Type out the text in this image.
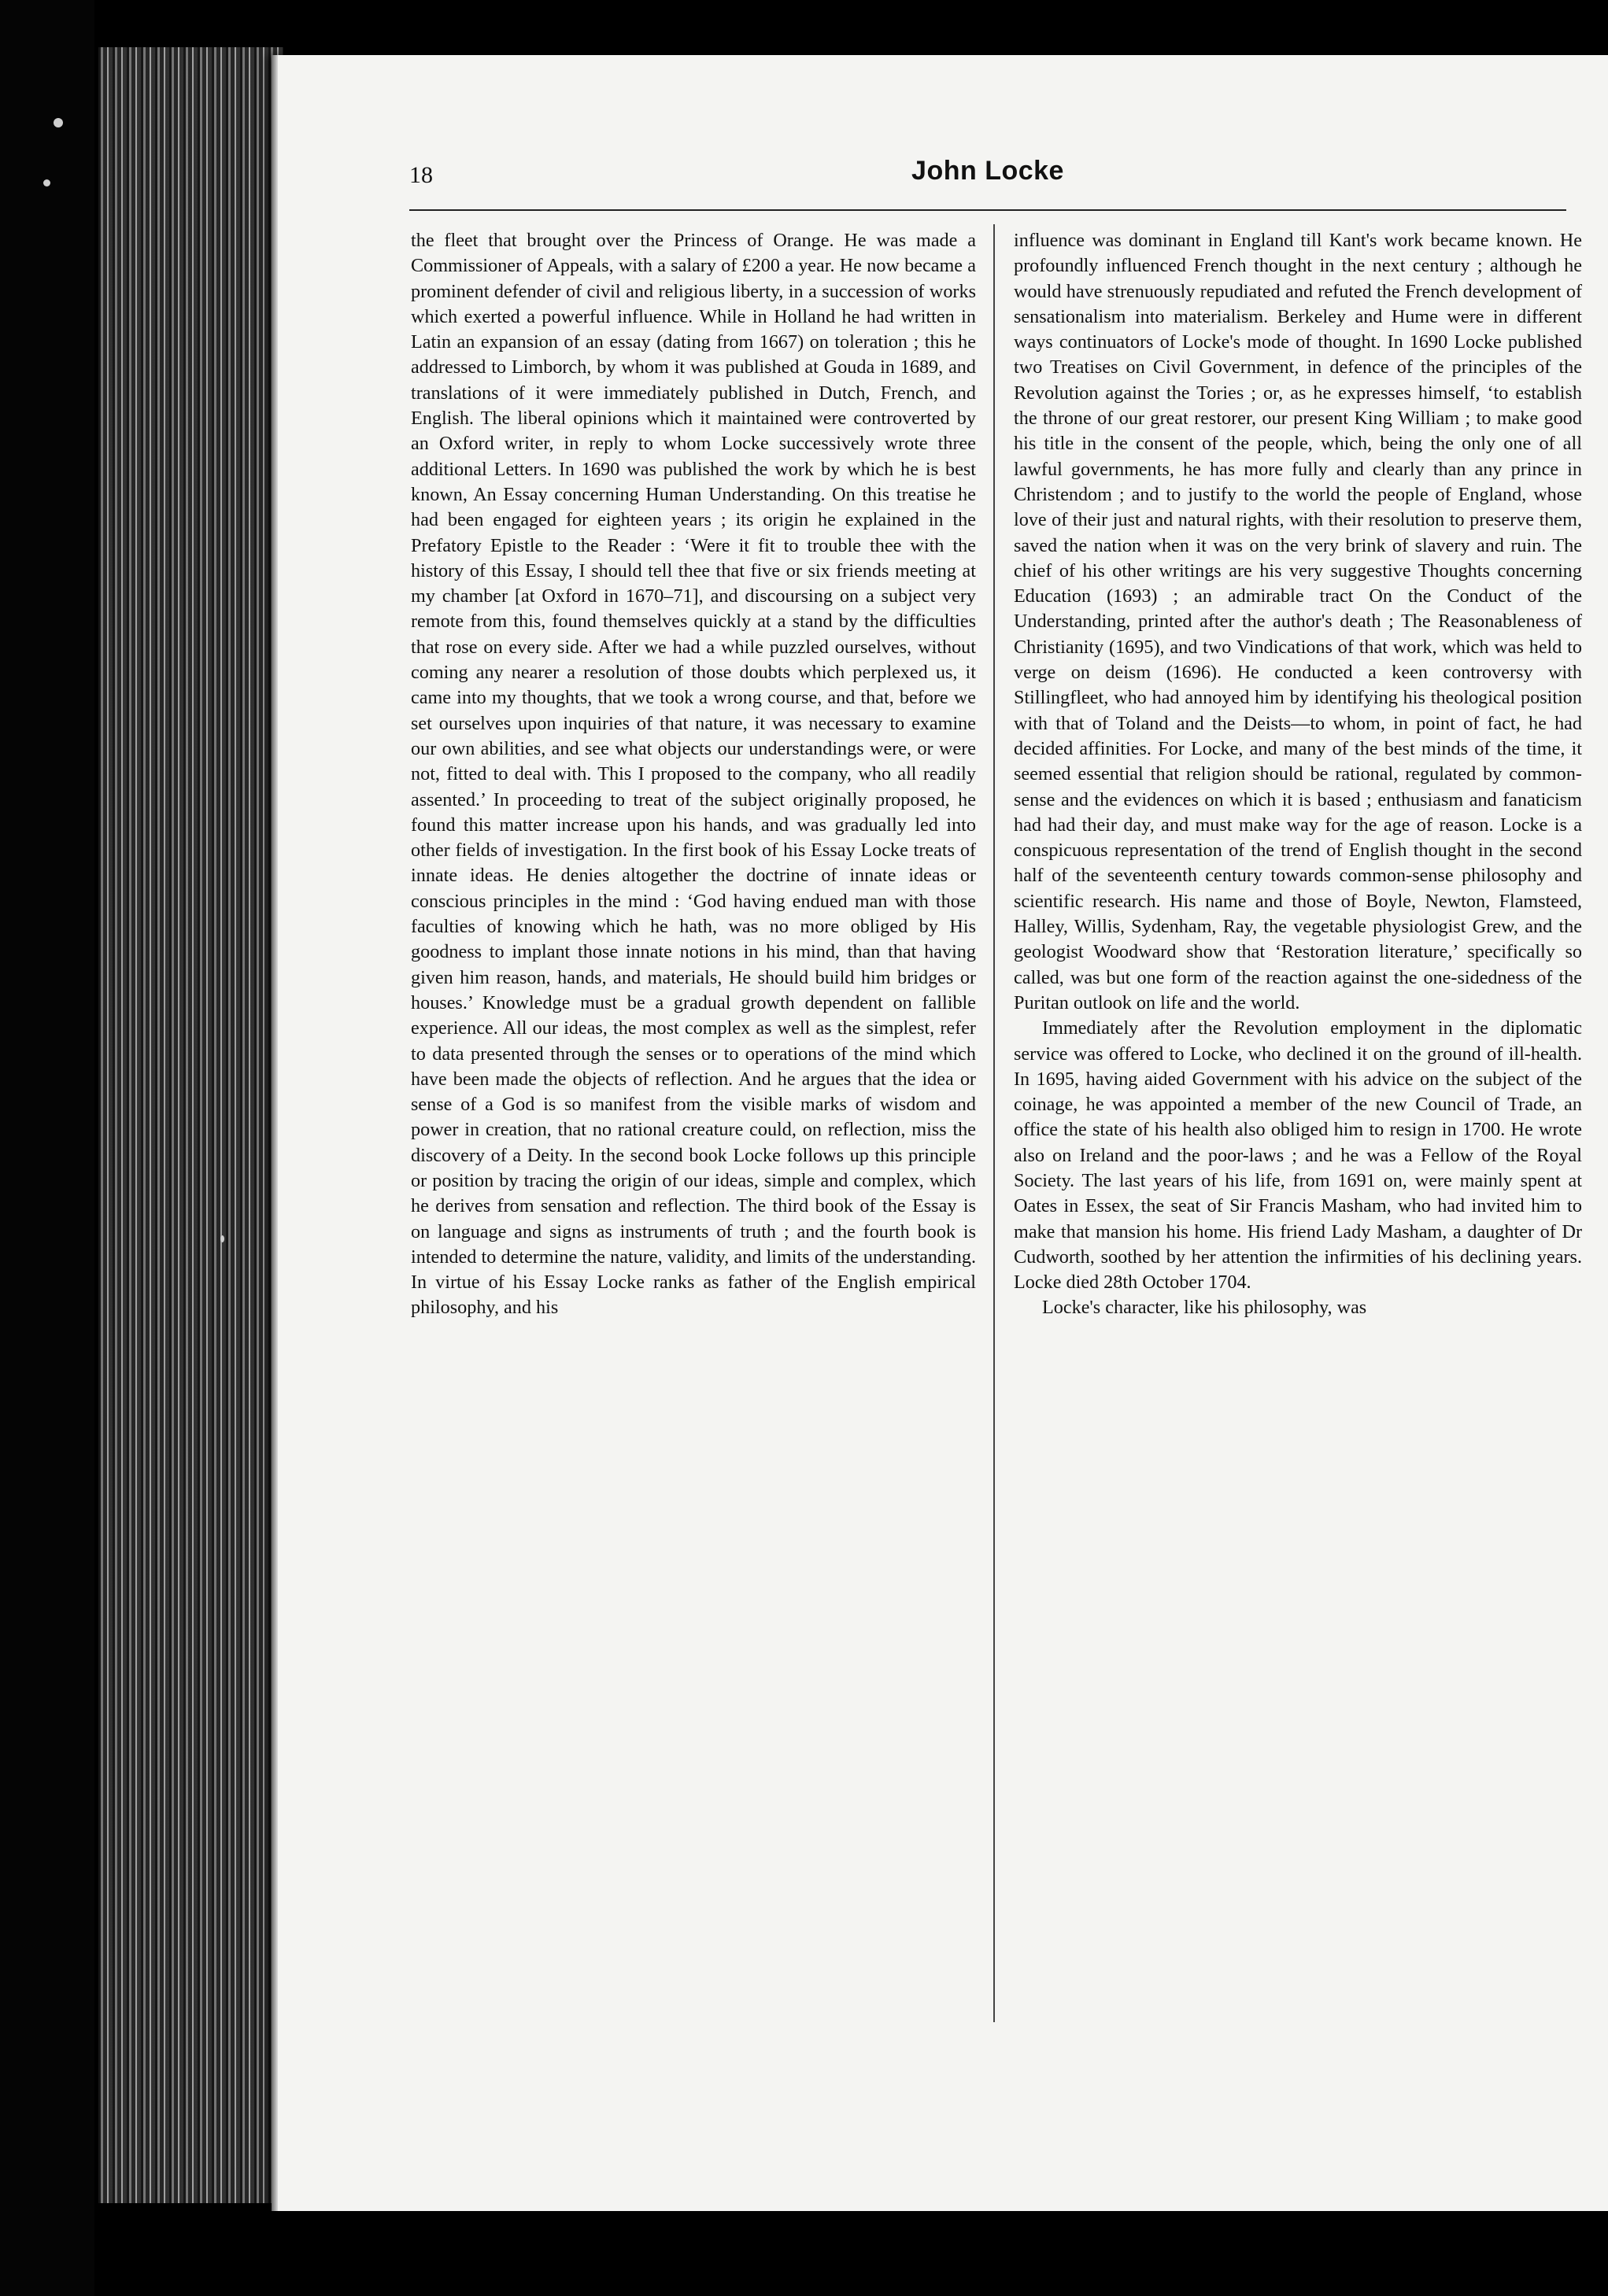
18	John Locke

the fleet that brought over the Princess of Orange. He was made a Commissioner of Appeals, with a salary of £200 a year. He now became a prominent defender of civil and religious liberty, in a succession of works which exerted a powerful influence. While in Holland he had written in Latin an expansion of an essay (dating from 1667) on toleration ; this he addressed to Limborch, by whom it was published at Gouda in 1689, and translations of it were immediately published in Dutch, French, and English. The liberal opinions which it maintained were controverted by an Oxford writer, in reply to whom Locke successively wrote three additional Letters. In 1690 was published the work by which he is best known, An Essay concerning Human Understanding. On this treatise he had been engaged for eighteen years ; its origin he explained in the Prefatory Epistle to the Reader : ‘Were it fit to trouble thee with the history of this Essay, I should tell thee that five or six friends meeting at my chamber [at Oxford in 1670–71], and discoursing on a subject very remote from this, found themselves quickly at a stand by the difficulties that rose on every side. After we had a while puzzled ourselves, without coming any nearer a resolution of those doubts which perplexed us, it came into my thoughts, that we took a wrong course, and that, before we set ourselves upon inquiries of that nature, it was necessary to examine our own abilities, and see what objects our understandings were, or were not, fitted to deal with. This I proposed to the company, who all readily assented.’ In proceeding to treat of the subject originally proposed, he found this matter increase upon his hands, and was gradually led into other fields of investigation. In the first book of his Essay Locke treats of innate ideas. He denies altogether the doctrine of innate ideas or conscious principles in the mind : ‘God having endued man with those faculties of knowing which he hath, was no more obliged by His goodness to implant those innate notions in his mind, than that having given him reason, hands, and materials, He should build him bridges or houses.’ Knowledge must be a gradual growth dependent on fallible experience. All our ideas, the most complex as well as the simplest, refer to data presented through the senses or to operations of the mind which have been made the objects of reflection. And he argues that the idea or sense of a God is so manifest from the visible marks of wisdom and power in creation, that no rational creature could, on reflection, miss the discovery of a Deity. In the second book Locke follows up this principle or position by tracing the origin of our ideas, simple and complex, which he derives from sensation and reflection. The third book of the Essay is on language and signs as instruments of truth ; and the fourth book is intended to determine the nature, validity, and limits of the understanding. In virtue of his Essay Locke ranks as father of the English empirical philosophy, and his

influence was dominant in England till Kant's work became known. He profoundly influenced French thought in the next century ; although he would have strenuously repudiated and refuted the French development of sensationalism into materialism. Berkeley and Hume were in different ways continuators of Locke's mode of thought. In 1690 Locke published two Treatises on Civil Government, in defence of the principles of the Revolution against the Tories ; or, as he expresses himself, ‘to establish the throne of our great restorer, our present King William ; to make good his title in the consent of the people, which, being the only one of all lawful governments, he has more fully and clearly than any prince in Christendom ; and to justify to the world the people of England, whose love of their just and natural rights, with their resolution to preserve them, saved the nation when it was on the very brink of slavery and ruin. The chief of his other writings are his very suggestive Thoughts concerning Education (1693) ; an admirable tract On the Conduct of the Understanding, printed after the author's death ; The Reasonableness of Christianity (1695), and two Vindications of that work, which was held to verge on deism (1696). He conducted a keen controversy with Stillingfleet, who had annoyed him by identifying his theological position with that of Toland and the Deists—to whom, in point of fact, he had decided affinities. For Locke, and many of the best minds of the time, it seemed essential that religion should be rational, regulated by common-sense and the evidences on which it is based ; enthusiasm and fanaticism had had their day, and must make way for the age of reason. Locke is a conspicuous representation of the trend of English thought in the second half of the seventeenth century towards common-sense philosophy and scientific research. His name and those of Boyle, Newton, Flamsteed, Halley, Willis, Sydenham, Ray, the vegetable physiologist Grew, and the geologist Woodward show that ‘Restoration literature,’ specifically so called, was but one form of the reaction against the one-sidedness of the Puritan outlook on life and the world.

Immediately after the Revolution employment in the diplomatic service was offered to Locke, who declined it on the ground of ill-health. In 1695, having aided Government with his advice on the subject of the coinage, he was appointed a member of the new Council of Trade, an office the state of his health also obliged him to resign in 1700. He wrote also on Ireland and the poor-laws ; and he was a Fellow of the Royal Society. The last years of his life, from 1691 on, were mainly spent at Oates in Essex, the seat of Sir Francis Masham, who had invited him to make that mansion his home. His friend Lady Masham, a daughter of Dr Cudworth, soothed by her attention the infirmities of his declining years. Locke died 28th October 1704.

Locke's character, like his philosophy, was
